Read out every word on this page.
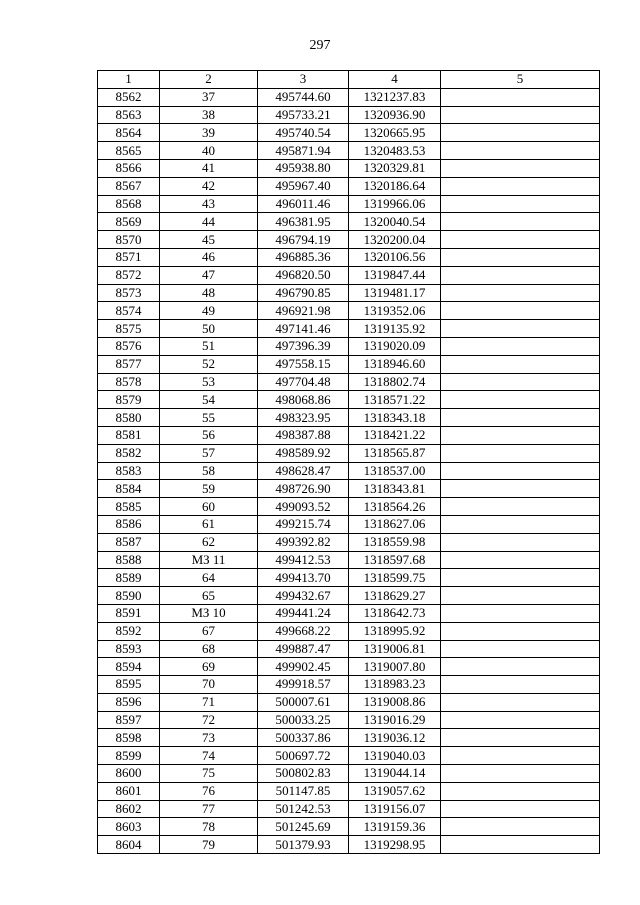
297
1	2	3	4	5
8562	37	495744.60	1321237.83	
8563	38	495733.21	1320936.90	
8564	39	495740.54	1320665.95	
8565	40	495871.94	1320483.53	
8566	41	495938.80	1320329.81	
8567	42	495967.40	1320186.64	
8568	43	496011.46	1319966.06	
8569	44	496381.95	1320040.54	
8570	45	496794.19	1320200.04	
8571	46	496885.36	1320106.56	
8572	47	496820.50	1319847.44	
8573	48	496790.85	1319481.17	
8574	49	496921.98	1319352.06	
8575	50	497141.46	1319135.92	
8576	51	497396.39	1319020.09	
8577	52	497558.15	1318946.60	
8578	53	497704.48	1318802.74	
8579	54	498068.86	1318571.22	
8580	55	498323.95	1318343.18	
8581	56	498387.88	1318421.22	
8582	57	498589.92	1318565.87	
8583	58	498628.47	1318537.00	
8584	59	498726.90	1318343.81	
8585	60	499093.52	1318564.26	
8586	61	499215.74	1318627.06	
8587	62	499392.82	1318559.98	
8588	МЗ 11	499412.53	1318597.68	
8589	64	499413.70	1318599.75	
8590	65	499432.67	1318629.27	
8591	МЗ 10	499441.24	1318642.73	
8592	67	499668.22	1318995.92	
8593	68	499887.47	1319006.81	
8594	69	499902.45	1319007.80	
8595	70	499918.57	1318983.23	
8596	71	500007.61	1319008.86	
8597	72	500033.25	1319016.29	
8598	73	500337.86	1319036.12	
8599	74	500697.72	1319040.03	
8600	75	500802.83	1319044.14	
8601	76	501147.85	1319057.62	
8602	77	501242.53	1319156.07	
8603	78	501245.69	1319159.36	
8604	79	501379.93	1319298.95	
